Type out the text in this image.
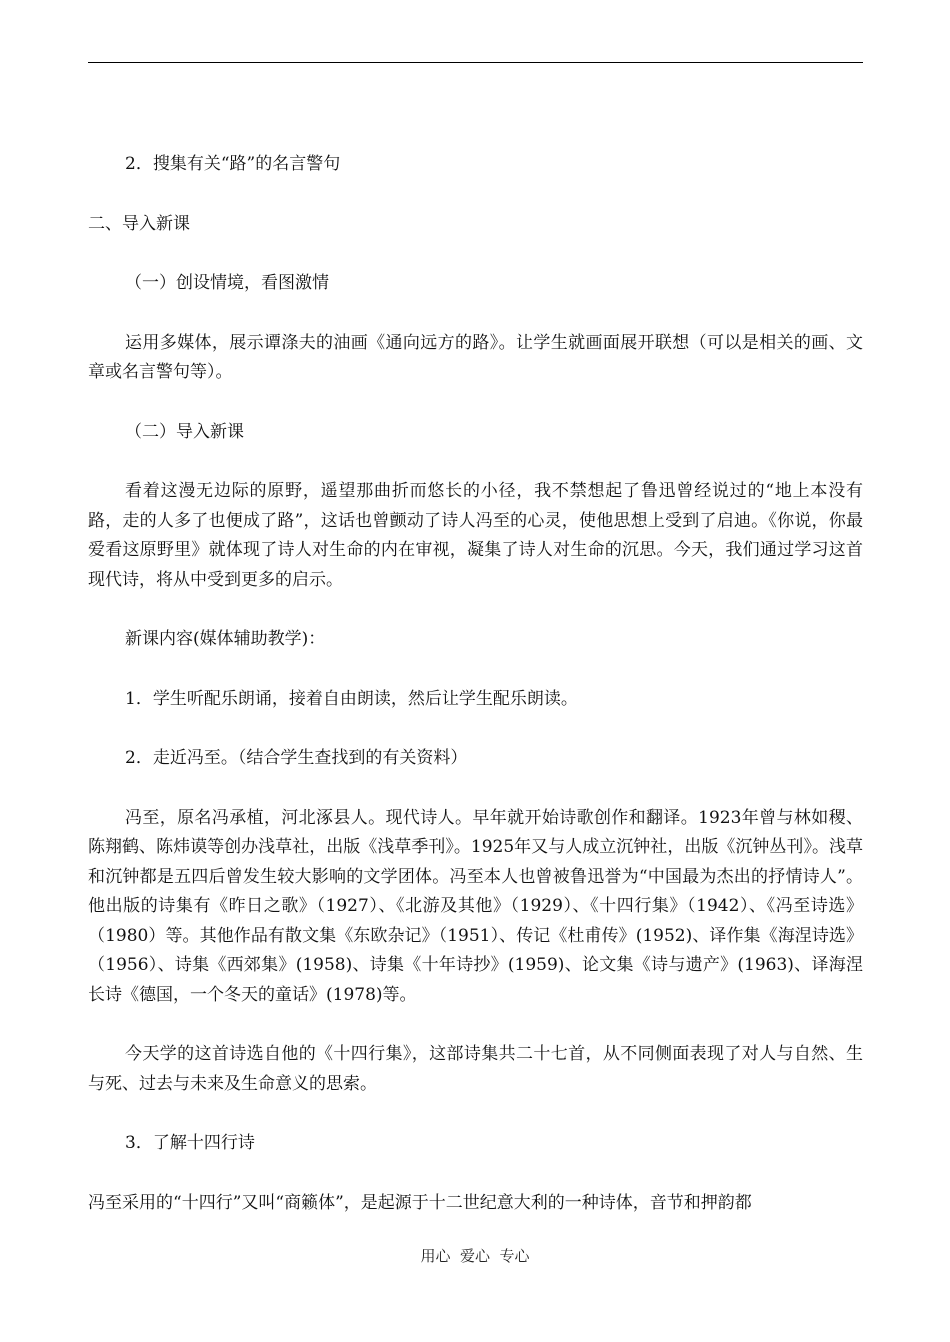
2．搜集有关“路”的名言警句

二、导入新课

（一）创设情境，看图激情

运用多媒体，展示谭涤夫的油画《通向远方的路》。让学生就画面展开联想（可以是相关的画、文章或名言警句等）。

（二）导入新课

看着这漫无边际的原野，遥望那曲折而悠长的小径，我不禁想起了鲁迅曾经说过的“地上本没有路，走的人多了也便成了路”，这话也曾颤动了诗人冯至的心灵，使他思想上受到了启迪。《你说，你最爱看这原野里》就体现了诗人对生命的内在审视，凝集了诗人对生命的沉思。今天，我们通过学习这首现代诗，将从中受到更多的启示。

新课内容(媒体辅助教学)：

1．学生听配乐朗诵，接着自由朗读，然后让学生配乐朗读。

2．走近冯至。（结合学生查找到的有关资料）

冯至，原名冯承植，河北涿县人。现代诗人。早年就开始诗歌创作和翻译。1923年曾与林如稷、陈翔鹤、陈炜谟等创办浅草社，出版《浅草季刊》。1925年又与人成立沉钟社，出版《沉钟丛刊》。浅草和沉钟都是五四后曾发生较大影响的文学团体。冯至本人也曾被鲁迅誉为“中国最为杰出的抒情诗人”。他出版的诗集有《昨日之歌》（1927）、《北游及其他》（1929）、《十四行集》（1942）、《冯至诗选》（1980）等。其他作品有散文集《东欧杂记》（1951）、传记《杜甫传》(1952)、译作集《海涅诗选》（1956）、诗集《西郊集》(1958)、诗集《十年诗抄》(1959)、论文集《诗与遗产》(1963)、译海涅长诗《德国，一个冬天的童话》(1978)等。

今天学的这首诗选自他的《十四行集》，这部诗集共二十七首，从不同侧面表现了对人与自然、生与死、过去与未来及生命意义的思索。

3．了解十四行诗

冯至采用的“十四行”又叫“商籁体”，是起源于十二世纪意大利的一种诗体，音节和押韵都

用心  爱心  专心
